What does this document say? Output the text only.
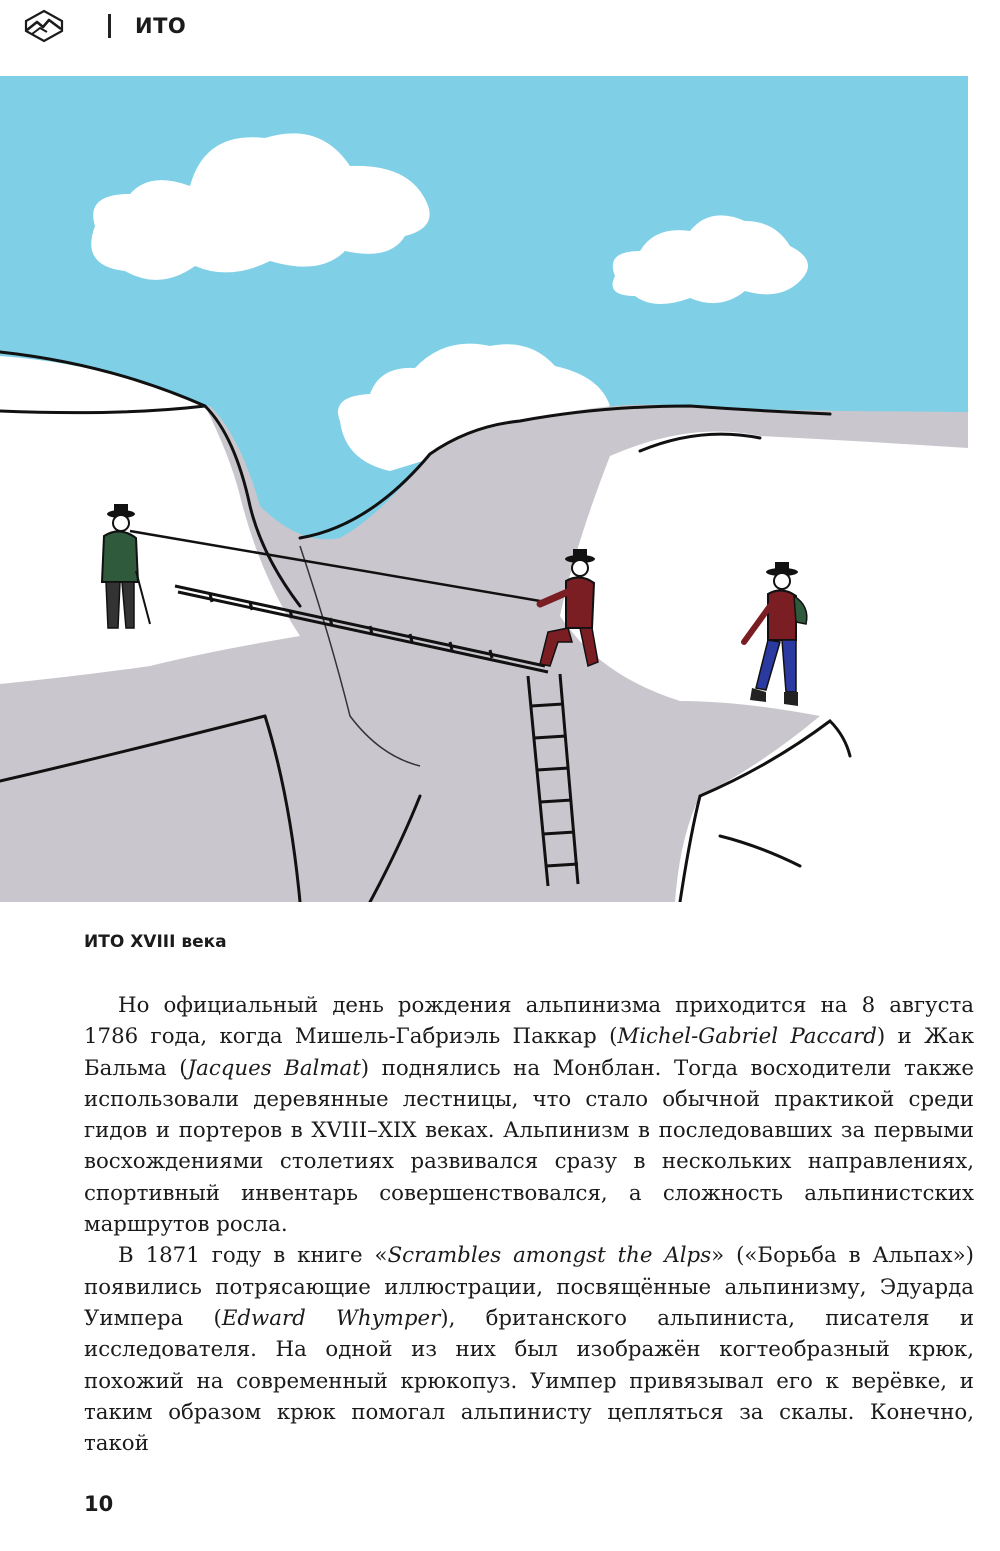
ИТО
ИТО XVIII века

Но официальный день рождения альпинизма приходится на 8 августа 1786 года, когда Мишель-Габриэль Паккар (Michel-Gabriel Paccard) и Жак Бальма (Jacques Balmat) поднялись на Монблан. Тогда восходители также использовали деревянные лестницы, что стало обычной практикой среди гидов и портеров в XVIII–XIX веках. Альпинизм в последовавших за первыми восхождениями столетиях развивался сразу в нескольких направлениях, спортивный инвентарь совершенствовался, а сложность альпинистских маршрутов росла.

В 1871 году в книге «Scrambles amongst the Alps» («Борьба в Альпах») появились потрясающие иллюстрации, посвящённые альпинизму, Эдуарда Уимпера (Edward Whymper), британского альпиниста, писателя и исследователя. На одной из них был изображён когтеобразный крюк, похожий на современный крюкопуз. Уимпер привязывал его к верёвке, и таким образом крюк помогал альпинисту цепляться за скалы. Конечно, такой

10
